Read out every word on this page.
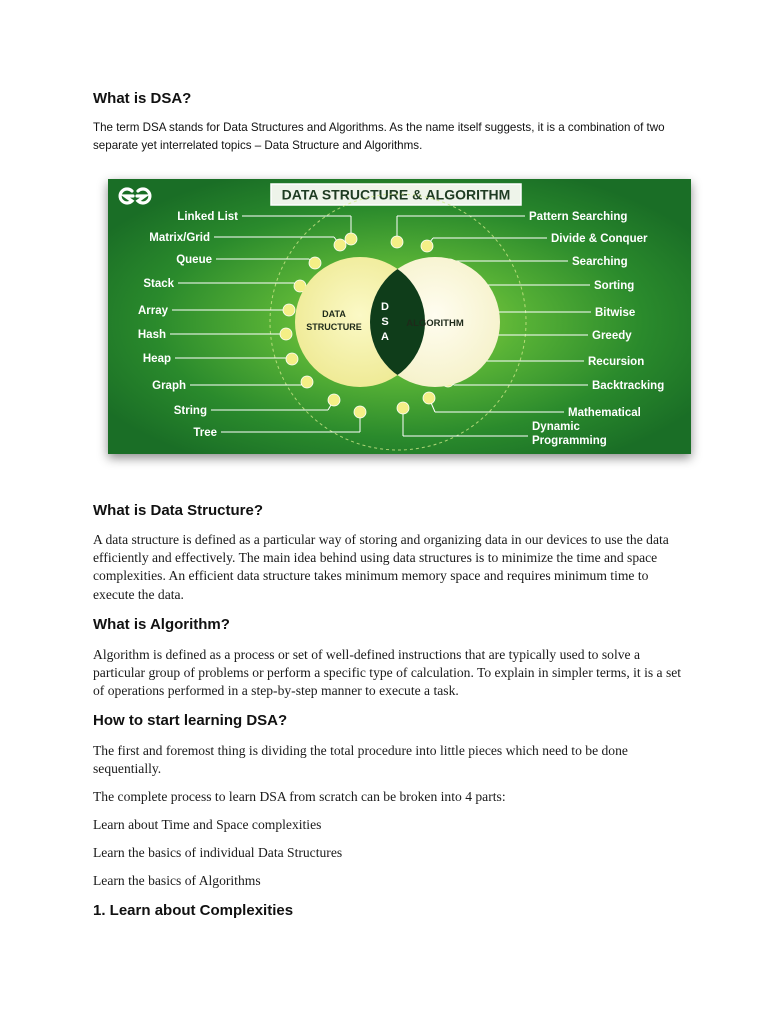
What is DSA?

The term DSA stands for Data Structures and Algorithms. As the name itself suggests, it is a combination of two separate yet interrelated topics – Data Structure and Algorithms.

DATA STRUCTURE & ALGORITHM
DATA
STRUCTURE	ALGORITHM
D
S
A
Linked List
Matrix/Grid
Queue
Stack
Array
Hash
Heap
Graph
String
Tree
Pattern Searching
Divide & Conquer
Searching
Sorting
Bitwise
Greedy
Recursion
Backtracking
Mathematical
Dynamic
Programming
What is Data Structure?

A data structure is defined as a particular way of storing and organizing data in our devices to use the data efficiently and effectively. The main idea behind using data structures is to minimize the time and space complexities. An efficient data structure takes minimum memory space and requires minimum time to execute the data.

What is Algorithm?

Algorithm is defined as a process or set of well-defined instructions that are typically used to solve a particular group of problems or perform a specific type of calculation. To explain in simpler terms, it is a set of operations performed in a step-by-step manner to execute a task.

How to start learning DSA?

The first and foremost thing is dividing the total procedure into little pieces which need to be done sequentially.

The complete process to learn DSA from scratch can be broken into 4 parts:

Learn about Time and Space complexities

Learn the basics of individual Data Structures

Learn the basics of Algorithms

1. Learn about Complexities
